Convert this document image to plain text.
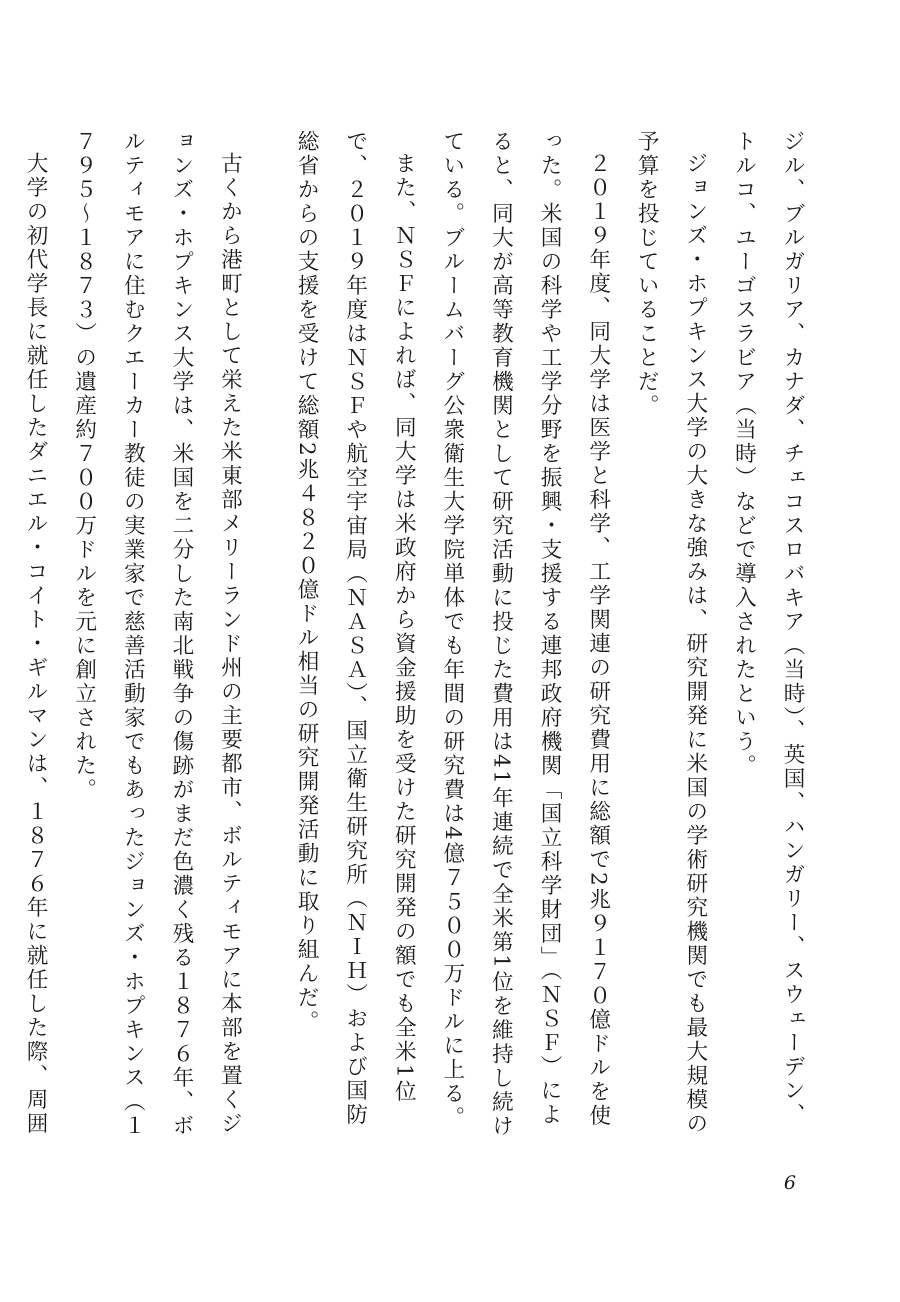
ジル、ブルガリア、カナダ、チェコスロバキア（当時）、英国、ハンガリー、スウェーデン、トルコ、ユーゴスラビア（当時）などで導入されたという。

ジョンズ・ホプキンス大学の大きな強みは、研究開発に米国の学術研究機関でも最大規模の予算を投じていることだ。

２０１９年度、同大学は医学と科学、工学関連の研究費用に総額で2兆９１７０億ドルを使った。米国の科学や工学分野を振興・支援する連邦政府機関「国立科学財団」（ＮＳＦ）によると、同大が高等教育機関として研究活動に投じた費用は41年連続で全米第1位を維持し続けている。ブルームバーグ公衆衛生大学院単体でも年間の研究費は4億７５００万ドルに上る。

また、ＮＳＦによれば、同大学は米政府から資金援助を受けた研究開発の額でも全米1位で、２０１９年度はＮＳＦや航空宇宙局（ＮＡＳＡ）、国立衛生研究所（ＮＩＨ）および国防総省からの支援を受けて総額2兆４８２０億ドル相当の研究開発活動に取り組んだ。

古くから港町として栄えた米東部メリーランド州の主要都市、ボルティモアに本部を置くジョンズ・ホプキンス大学は、米国を二分した南北戦争の傷跡がまだ色濃く残る１８７６年、ボルティモアに住むクエーカー教徒の実業家で慈善活動家でもあったジョンズ・ホプキンス（１７９５～１８７３）の遺産約７００万ドルを元に創立された。

大学の初代学長に就任したダニエル・コイト・ギルマンは、１８７６年に就任した際、周囲

6
